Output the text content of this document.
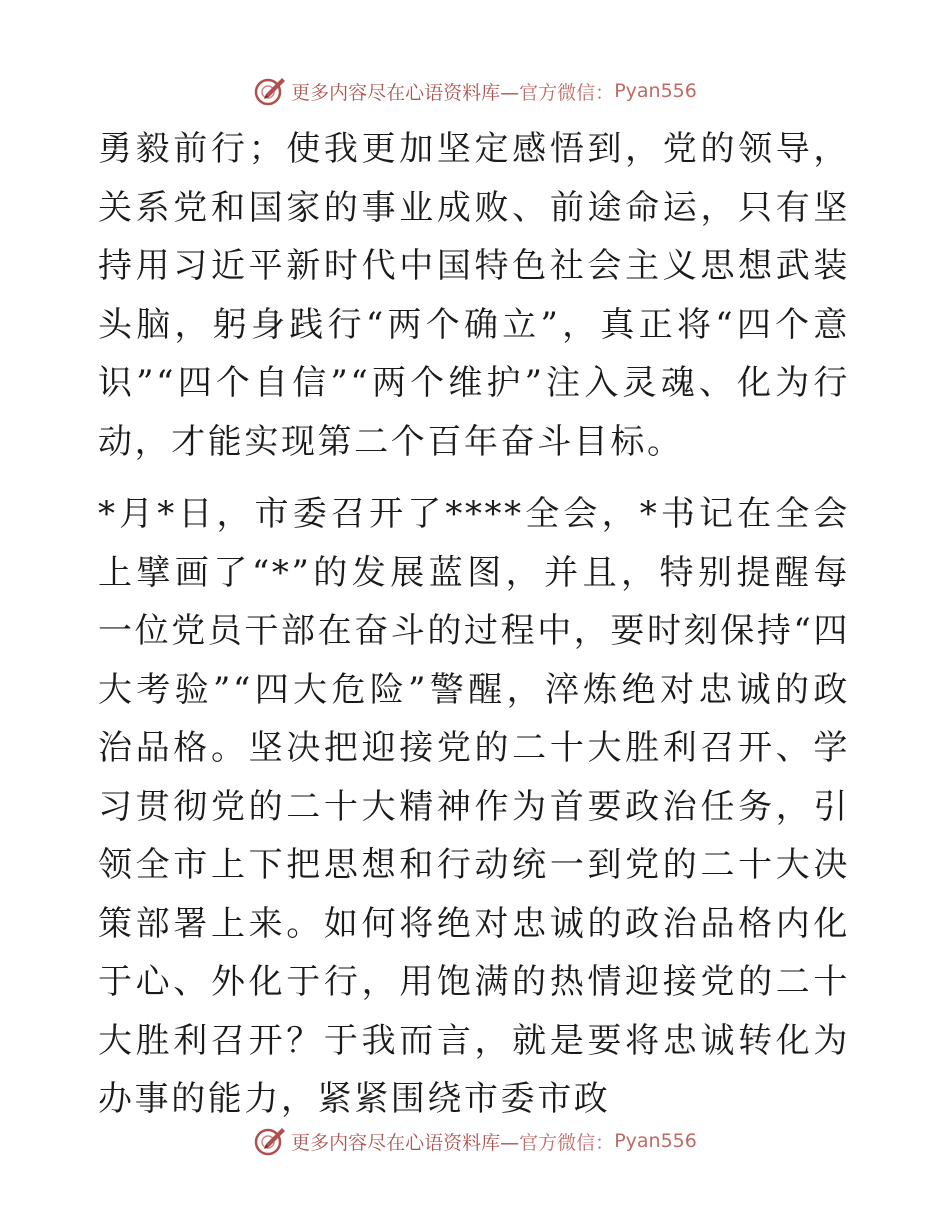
更多内容尽在心语资料库— 官方微信： Pyan556

勇毅前行；使我更加坚定感悟到，党的领导，关系党和国家的事业成败、前途命运，只有坚持用习近平新时代中国特色社会主义思想武装头脑，躬身践行“两个确立”，真正将“四个意识”“四个自信”“两个维护”注入灵魂、化为行动，才能实现第二个百年奋斗目标。

*月*日，市委召开了****全会，*书记在全会上擘画了“*”的发展蓝图，并且，特别提醒每一位党员干部在奋斗的过程中，要时刻保持“四大考验”“四大危险”警醒，淬炼绝对忠诚的政治品格。坚决把迎接党的二十大胜利召开、学习贯彻党的二十大精神作为首要政治任务，引领全市上下把思想和行动统一到党的二十大决策部署上来。如何将绝对忠诚的政治品格内化于心、外化于行，用饱满的热情迎接党的二十大胜利召开？于我而言，就是要将忠诚转化为办事的能力，紧紧围绕市委市政

更多内容尽在心语资料库— 官方微信： Pyan556
